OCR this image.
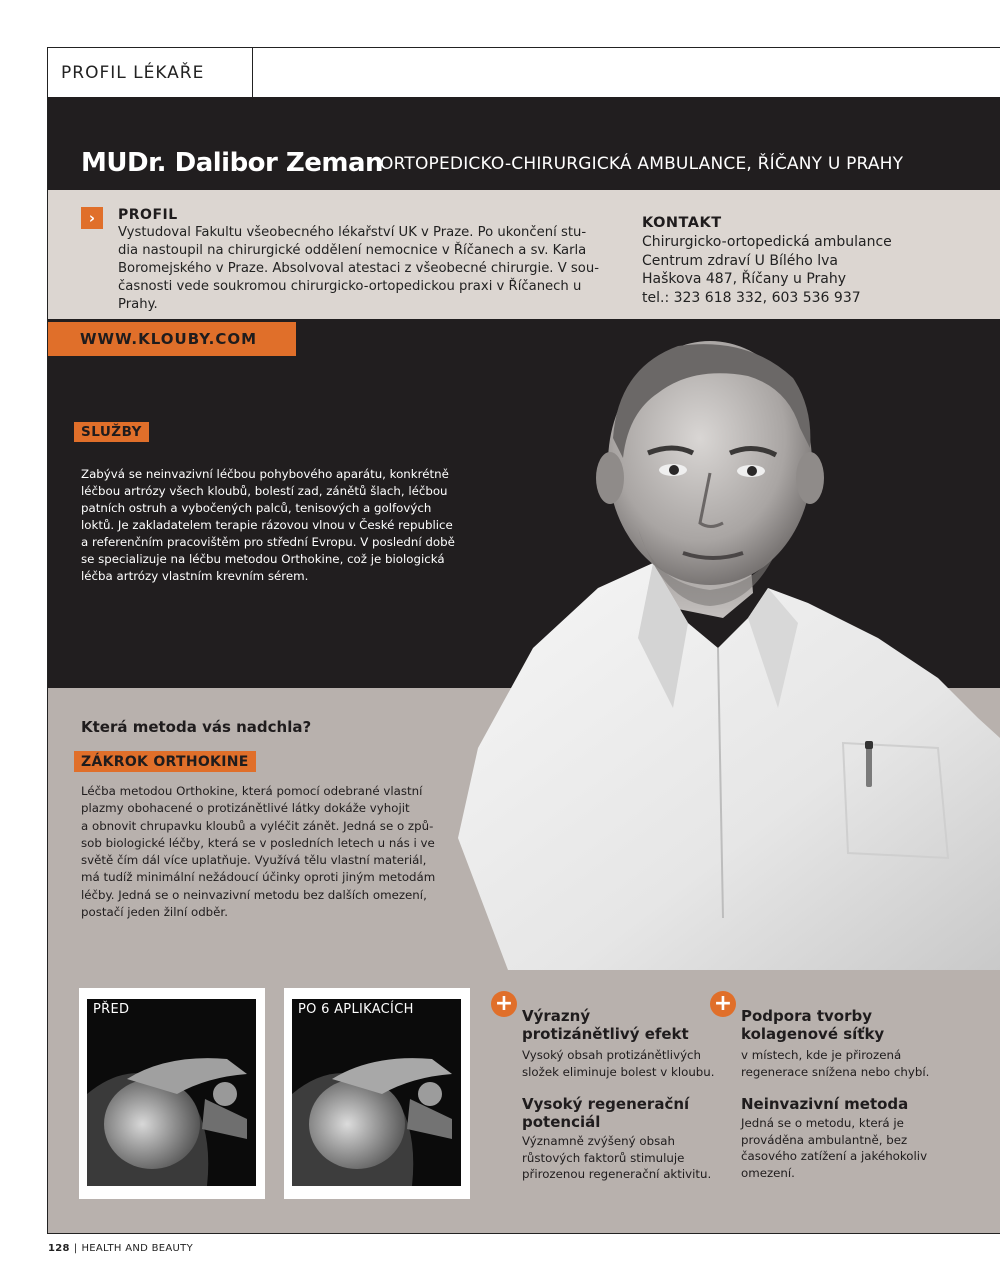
PROFIL LÉKAŘE
MUDr. Dalibor Zeman
ORTOPEDICKO-CHIRURGICKÁ AMBULANCE, ŘÍČANY U PRAHY
›	PROFIL
Vystudoval Fakultu všeobecného lékařství UK v Praze. Po ukončení stu-
dia nastoupil na chirurgické oddělení nemocnice v Říčanech a sv. Karla
Boromejského v Praze. Absolvoval atestaci z všeobecné chirurgie. V sou-
časnosti vede soukromou chirurgicko-ortopedickou praxi v Říčanech u Prahy.
KONTAKT
Chirurgicko-ortopedická ambulance
Centrum zdraví U Bílého lva
Haškova 487, Říčany u Prahy
tel.: 323 618 332, 603 536 937
WWW.KLOUBY.COM
SLUŽBY
Zabývá se neinvazivní léčbou pohybového aparátu, konkrétně
léčbou artrózy všech kloubů, bolestí zad, zánětů šlach, léčbou
patních ostruh a vybočených palců, tenisových a golfových
loktů. Je zakladatelem terapie rázovou vlnou v České republice
a referenčním pracovištěm pro střední Evropu. V poslední době
se specializuje na léčbu metodou Orthokine, což je biologická
léčba artrózy vlastním krevním sérem.
Která metoda vás nadchla?
ZÁKROK ORTHOKINE
Léčba metodou Orthokine, která pomocí odebrané vlastní
plazmy obohacené o protizánětlivé látky dokáže vyhojit
a obnovit chrupavku kloubů a vyléčit zánět. Jedná se o způ-
sob biologické léčby, která se v posledních letech u nás i ve
světě čím dál více uplatňuje. Využívá tělu vlastní materiál,
má tudíž minimální nežádoucí účinky oproti jiným metodám
léčby. Jedná se o neinvazivní metodu bez dalších omezení,
postačí jeden žilní odběr.
PŘED	PO 6 APLIKACÍCH	+ Výrazný
protizánětlivý efekt
Vysoký obsah protizánětlivých
složek eliminuje bolest v kloubu.
Vysoký regenerační
potenciál
Významně zvýšený obsah
růstových faktorů stimuluje
přirozenou regenerační aktivitu.
+ Podpora tvorby
kolagenové síťky
v místech, kde je přirozená
regenerace snížena nebo chybí.
Neinvazivní metoda
Jedná se o metodu, která je
prováděna ambulantně, bez
časového zatížení a jakéhokoliv
omezení.
128 | HEALTH AND BEAUTY
